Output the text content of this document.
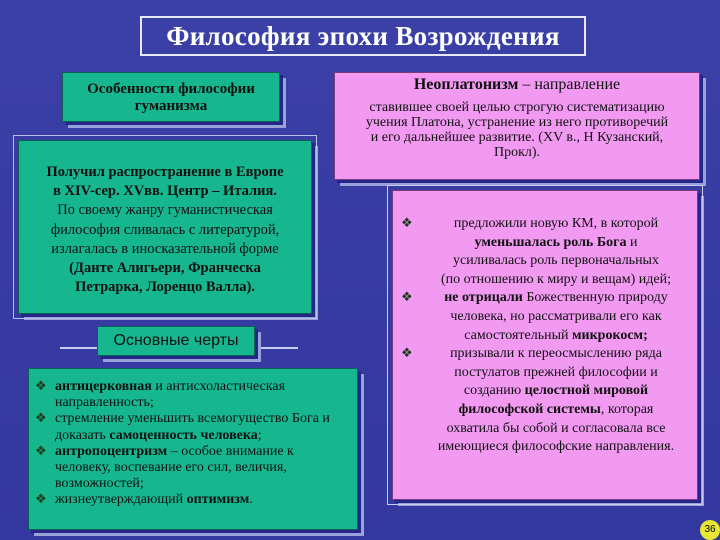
Философия эпохи Возрождения
Особенности философии гуманизма
Получил распространение в Европе
в XIV-сер. XVвв. Центр – Италия.
По своему жанру гуманистическая
философия сливалась с литературой,
излагалась в иносказательной форме
(Данте Алигьери, Франческа
Петрарка, Лоренцо Валла).
Основные черты
❖ антицерковная и антисхоластическая направленность;
❖ стремление уменьшить всемогущество Бога и доказать самоценность человека;
❖ антропоцентризм – особое внимание к человеку, воспевание его сил, величия, возможностей;
❖ жизнеутверждающий оптимизм.
Неоплатонизм – направление
ставившее своей целью строгую систематизацию
учения Платона, устранение из него противоречий
и его дальнейшее развитие. (XV в., Н Кузанский,
Прокл).
❖	предложили новую КМ, в которой
уменьшалась роль Бога и
усиливалась роль первоначальных
(по отношению к миру и вещам) идей;
❖	не отрицали Божественную природу
человека, но рассматривали его как
самостоятельный микрокосм;
❖	призывали к переосмыслению ряда
постулатов прежней философии и
созданию целостной мировой
философской системы, которая
охватила бы собой и согласовала все
имеющиеся философские направления.
36
